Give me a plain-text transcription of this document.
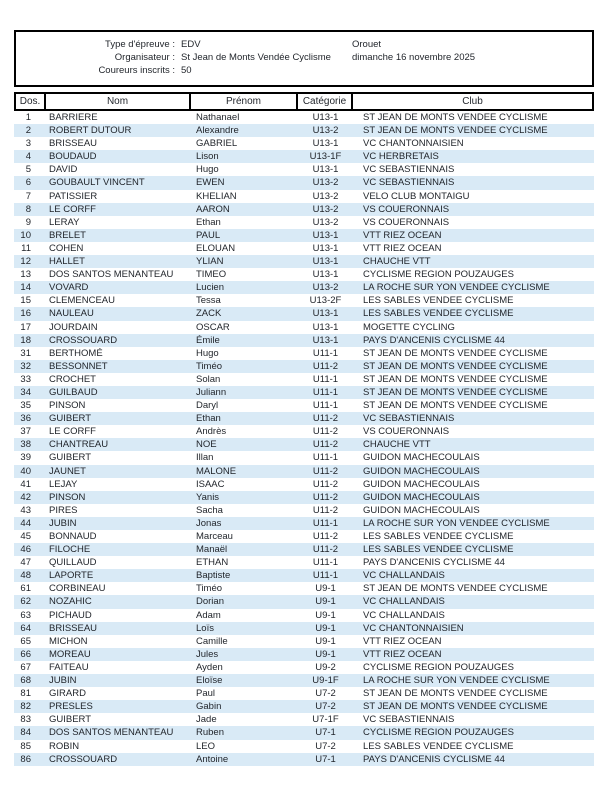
Type d'épreuve : EDV	Orouet
Organisateur : St Jean de Monts Vendée Cyclisme dimanche 16 novembre 2025
Coureurs inscrits : 50
Dos.	Nom	Prénom	Catégorie	Club
1	BARRIERE	Nathanael	U13-1	ST JEAN DE MONTS VENDEE CYCLISME
2	ROBERT DUTOUR	Alexandre	U13-2	ST JEAN DE MONTS VENDEE CYCLISME
3	BRISSEAU	GABRIEL	U13-1	VC CHANTONNAISIEN
4	BOUDAUD	Lison	U13-1F	VC HERBRETAIS
5	DAVID	Hugo	U13-1	VC SEBASTIENNAIS
6	GOUBAULT VINCENT	EWEN	U13-2	VC SEBASTIENNAIS
7	PATISSIER	KHELIAN	U13-2	VELO CLUB MONTAIGU
8	LE CORFF	AARON	U13-2	VS COUERONNAIS
9	LERAY	Ethan	U13-2	VS COUERONNAIS
10	BRELET	PAUL	U13-1	VTT RIEZ OCEAN
11	COHEN	ELOUAN	U13-1	VTT RIEZ OCEAN
12	HALLET	YLIAN	U13-1	CHAUCHE VTT
13	DOS SANTOS MENANTEAU	TIMEO	U13-1	CYCLISME REGION POUZAUGES
14	VOVARD	Lucien	U13-2	LA ROCHE SUR YON VENDEE CYCLISME
15	CLEMENCEAU	Tessa	U13-2F	LES SABLES VENDEE CYCLISME
16	NAULEAU	ZACK	U13-1	LES SABLES VENDEE CYCLISME
17	JOURDAIN	OSCAR	U13-1	MOGETTE CYCLING
18	CROSSOUARD	Émile	U13-1	PAYS D'ANCENIS CYCLISME 44
31	BERTHOMÉ	Hugo	U11-1	ST JEAN DE MONTS VENDEE CYCLISME
32	BESSONNET	Timéo	U11-2	ST JEAN DE MONTS VENDEE CYCLISME
33	CROCHET	Solan	U11-1	ST JEAN DE MONTS VENDEE CYCLISME
34	GUILBAUD	Juliann	U11-1	ST JEAN DE MONTS VENDEE CYCLISME
35	PINSON	Daryl	U11-1	ST JEAN DE MONTS VENDEE CYCLISME
36	GUIBERT	Ethan	U11-2	VC SEBASTIENNAIS
37	LE CORFF	Andrès	U11-2	VS COUERONNAIS
38	CHANTREAU	NOE	U11-2	CHAUCHE VTT
39	GUIBERT	Illan	U11-1	GUIDON MACHECOULAIS
40	JAUNET	MALONE	U11-2	GUIDON MACHECOULAIS
41	LEJAY	ISAAC	U11-2	GUIDON MACHECOULAIS
42	PINSON	Yanis	U11-2	GUIDON MACHECOULAIS
43	PIRES	Sacha	U11-2	GUIDON MACHECOULAIS
44	JUBIN	Jonas	U11-1	LA ROCHE SUR YON VENDEE CYCLISME
45	BONNAUD	Marceau	U11-2	LES SABLES VENDEE CYCLISME
46	FILOCHE	Manaël	U11-2	LES SABLES VENDEE CYCLISME
47	QUILLAUD	ETHAN	U11-1	PAYS D'ANCENIS CYCLISME 44
48	LAPORTE	Baptiste	U11-1	VC CHALLANDAIS
61	CORBINEAU	Timéo	U9-1	ST JEAN DE MONTS VENDEE CYCLISME
62	NOZAHIC	Dorian	U9-1	VC CHALLANDAIS
63	PICHAUD	Adam	U9-1	VC CHALLANDAIS
64	BRISSEAU	Loïs	U9-1	VC CHANTONNAISIEN
65	MICHON	Camille	U9-1	VTT RIEZ OCEAN
66	MOREAU	Jules	U9-1	VTT RIEZ OCEAN
67	FAITEAU	Ayden	U9-2	CYCLISME REGION POUZAUGES
68	JUBIN	Eloïse	U9-1F	LA ROCHE SUR YON VENDEE CYCLISME
81	GIRARD	Paul	U7-2	ST JEAN DE MONTS VENDEE CYCLISME
82	PRESLES	Gabin	U7-2	ST JEAN DE MONTS VENDEE CYCLISME
83	GUIBERT	Jade	U7-1F	VC SEBASTIENNAIS
84	DOS SANTOS MENANTEAU	Ruben	U7-1	CYCLISME REGION POUZAUGES
85	ROBIN	LEO	U7-2	LES SABLES VENDEE CYCLISME
86	CROSSOUARD	Antoine	U7-1	PAYS D'ANCENIS CYCLISME 44
